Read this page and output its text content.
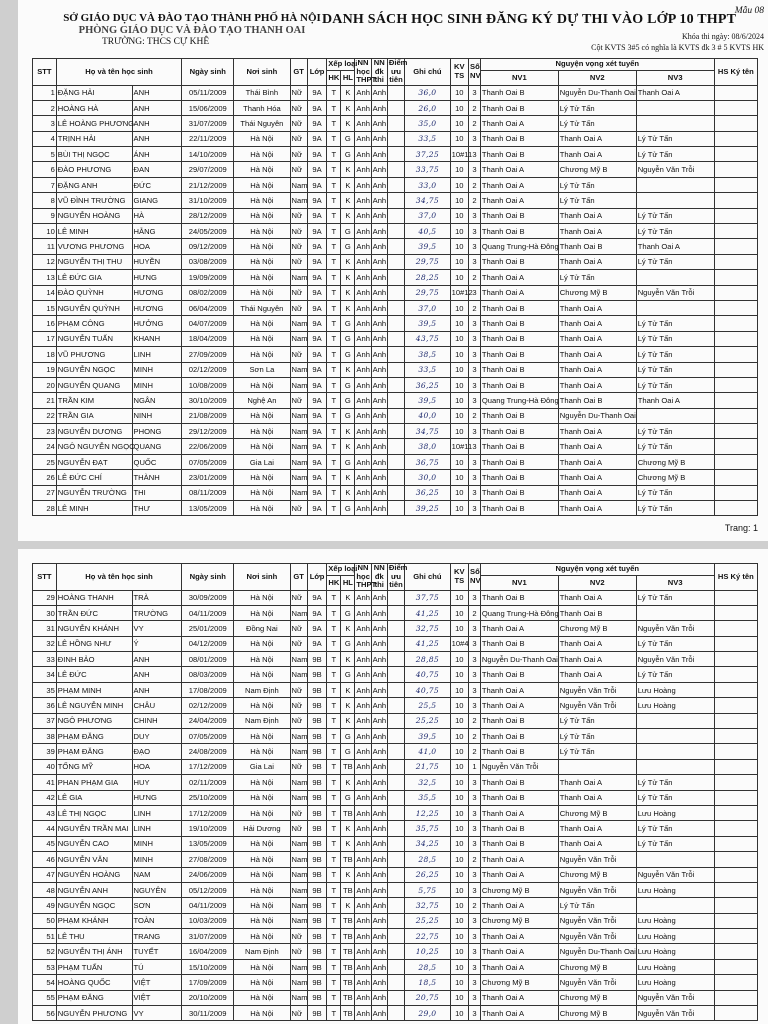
SỞ GIÁO DỤC VÀ ĐÀO TẠO THÀNH PHỐ HÀ NỘI
PHÒNG GIÁO DỤC VÀ ĐÀO TẠO THANH OAI
TRƯỜNG: THCS CỰ KHÊ
DANH SÁCH HỌC SINH ĐĂNG KÝ DỰ THI VÀO LỚP 10 THPT
Mẫu 08
Khóa thi ngày: 08/6/2024
Cột KVTS 3#5 có nghĩa là KVTS đk 3 # 5 KVTS HK
STT	Họ và tên học sinh		Ngày sinh	Nơi sinh	GT	Lớp	Xếp loại		NN học THPT	NN đk thi	Điểm ưu tiên	Ghi chú	KV TS	Số NV	Nguyện vọng xét tuyển			HS Ký tên
							HK	HL							NV1	NV2	NV3	
1	ĐẶNG HẢI	ANH	05/11/2009	Thái Bình	Nữ	9A	T	K	Anh	Anh		36,0	10	3	Thanh Oai B	Nguyễn Du-Thanh Oai	Thanh Oai A	
2	HOÀNG HÀ	ANH	15/06/2009	Thanh Hóa	Nữ	9A	T	K	Anh	Anh		26,0	10	2	Thanh Oai B	Lý Tử Tấn		
3	LÊ HOÀNG PHƯƠNG	ANH	31/07/2009	Thái Nguyên	Nữ	9A	T	K	Anh	Anh		35,0	10	2	Thanh Oai A	Lý Tử Tấn		
4	TRỊNH HẢI	ANH	22/11/2009	Hà Nội	Nữ	9A	T	G	Anh	Anh		33,5	10	3	Thanh Oai B	Thanh Oai A	Lý Tử Tấn	
5	BÙI THỊ NGỌC	ÁNH	14/10/2009	Hà Nội	Nữ	9A	T	G	Anh	Anh		37,25	10#11	3	Thanh Oai B	Thanh Oai A	Lý Tử Tấn	
6	ĐÀO PHƯƠNG	ĐAN	29/07/2009	Hà Nội	Nữ	9A	T	K	Anh	Anh		33,75	10	3	Thanh Oai A	Chương Mỹ B	Nguyễn Văn Trỗi	
7	ĐẶNG ANH	ĐỨC	21/12/2009	Hà Nội	Nam	9A	T	K	Anh	Anh		33,0	10	2	Thanh Oai A	Lý Tử Tấn		
8	VŨ ĐÌNH TRƯỜNG	GIANG	31/10/2009	Hà Nội	Nam	9A	T	K	Anh	Anh		34,75	10	2	Thanh Oai A	Lý Tử Tấn		
9	NGUYỄN HOÀNG	HÀ	28/12/2009	Hà Nội	Nữ	9A	T	K	Anh	Anh		37,0	10	3	Thanh Oai B	Thanh Oai A	Lý Tử Tấn	
10	LÊ MINH	HẰNG	24/05/2009	Hà Nội	Nữ	9A	T	G	Anh	Anh		40,5	10	3	Thanh Oai B	Thanh Oai A	Lý Tử Tấn	
11	VƯƠNG PHƯƠNG	HOA	09/12/2009	Hà Nội	Nữ	9A	T	G	Anh	Anh		39,5	10	3	Quang Trung-Hà Đông	Thanh Oai B	Thanh Oai A	
12	NGUYỄN THỊ THU	HUYỀN	03/08/2009	Hà Nội	Nữ	9A	T	K	Anh	Anh		29,75	10	3	Thanh Oai B	Thanh Oai A	Lý Tử Tấn	
13	LÊ ĐỨC GIA	HƯNG	19/09/2009	Hà Nội	Nam	9A	T	K	Anh	Anh		28,25	10	2	Thanh Oai A	Lý Tử Tấn		
14	ĐÀO QUỲNH	HƯƠNG	08/02/2009	Hà Nội	Nữ	9A	T	K	Anh	Anh		29,75	10#12	3	Thanh Oai A	Chương Mỹ B	Nguyễn Văn Trỗi	
15	NGUYỄN QUỲNH	HƯƠNG	06/04/2009	Thái Nguyên	Nữ	9A	T	K	Anh	Anh		37,0	10	2	Thanh Oai B	Thanh Oai A		
16	PHẠM CÔNG	HƯỞNG	04/07/2009	Hà Nội	Nam	9A	T	G	Anh	Anh		39,5	10	3	Thanh Oai B	Thanh Oai A	Lý Tử Tấn	
17	NGUYỄN TUẤN	KHANH	18/04/2009	Hà Nội	Nam	9A	T	G	Anh	Anh		43,75	10	3	Thanh Oai B	Thanh Oai A	Lý Tử Tấn	
18	VŨ PHƯƠNG	LINH	27/09/2009	Hà Nội	Nữ	9A	T	G	Anh	Anh		38,5	10	3	Thanh Oai B	Thanh Oai A	Lý Tử Tấn	
19	NGUYỄN NGỌC	MINH	02/12/2009	Sơn La	Nam	9A	T	K	Anh	Anh		33,5	10	3	Thanh Oai B	Thanh Oai A	Lý Tử Tấn	
20	NGUYỄN QUANG	MINH	10/08/2009	Hà Nội	Nam	9A	T	G	Anh	Anh		36,25	10	3	Thanh Oai B	Thanh Oai A	Lý Tử Tấn	
21	TRẦN KIM	NGÂN	30/10/2009	Nghệ An	Nữ	9A	T	G	Anh	Anh		39,5	10	3	Quang Trung-Hà Đông	Thanh Oai B	Thanh Oai A	
22	TRẦN GIA	NINH	21/08/2009	Hà Nội	Nam	9A	T	G	Anh	Anh		40,0	10	2	Thanh Oai B	Nguyễn Du-Thanh Oai		
23	NGUYỄN DƯƠNG	PHONG	29/12/2009	Hà Nội	Nam	9A	T	K	Anh	Anh		34,75	10	3	Thanh Oai B	Thanh Oai A	Lý Tử Tấn	
24	NGÔ NGUYỄN NGỌC	QUANG	22/06/2009	Hà Nội	Nam	9A	T	K	Anh	Anh		38,0	10#11	3	Thanh Oai B	Thanh Oai A	Lý Tử Tấn	
25	NGUYỄN ĐẠT	QUỐC	07/05/2009	Gia Lai	Nam	9A	T	G	Anh	Anh		36,75	10	3	Thanh Oai B	Thanh Oai A	Chương Mỹ B	
26	LÊ ĐỨC CHÍ	THÀNH	23/01/2009	Hà Nội	Nam	9A	T	K	Anh	Anh		30,0	10	3	Thanh Oai B	Thanh Oai A	Chương Mỹ B	
27	NGUYỄN TRƯỜNG	THI	08/11/2009	Hà Nội	Nam	9A	T	K	Anh	Anh		36,25	10	3	Thanh Oai B	Thanh Oai A	Lý Tử Tấn	
28	LÊ MINH	THƯ	13/05/2009	Hà Nội	Nữ	9A	T	G	Anh	Anh		39,25	10	3	Thanh Oai B	Thanh Oai A	Lý Tử Tấn	
Trang: 1
STT	Họ và tên học sinh		Ngày sinh	Nơi sinh	GT	Lớp	Xếp loại		NN học THPT	NN đk thi	Điểm ưu tiên	Ghi chú	KV TS	Số NV	Nguyện vọng xét tuyển			HS Ký tên
							HK	HL							NV1	NV2	NV3	
29	HOÀNG THANH	TRÀ	30/09/2009	Hà Nội	Nữ	9A	T	K	Anh	Anh		37,75	10	3	Thanh Oai B	Thanh Oai A	Lý Tử Tấn	
30	TRẦN ĐỨC	TRƯỜNG	04/11/2009	Hà Nội	Nam	9A	T	G	Anh	Anh		41,25	10	2	Quang Trung-Hà Đông	Thanh Oai B		
31	NGUYỄN KHÁNH	VY	25/01/2009	Đồng Nai	Nữ	9A	T	K	Anh	Anh		32,75	10	3	Thanh Oai A	Chương Mỹ B	Nguyễn Văn Trỗi	
32	LÊ HỒNG NHƯ	Ý	04/12/2009	Hà Nội	Nữ	9A	T	G	Anh	Anh		41,25	10#4	3	Thanh Oai B	Thanh Oai A	Lý Tử Tấn	
33	ĐINH BẢO	ANH	08/01/2009	Hà Nội	Nam	9B	T	K	Anh	Anh		28,85	10	3	Nguyễn Du-Thanh Oai	Thanh Oai A	Nguyễn Văn Trỗi	
34	LÊ ĐỨC	ANH	08/03/2009	Hà Nội	Nam	9B	T	G	Anh	Anh		40,75	10	3	Thanh Oai B	Thanh Oai A	Lý Tử Tấn	
35	PHẠM MINH	ANH	17/08/2009	Nam Định	Nữ	9B	T	K	Anh	Anh		40,75	10	3	Thanh Oai A	Nguyễn Văn Trỗi	Lưu Hoàng	
36	LÊ NGUYỄN MINH	CHÂU	02/12/2009	Hà Nội	Nữ	9B	T	K	Anh	Anh		25,5	10	3	Thanh Oai A	Nguyễn Văn Trỗi	Lưu Hoàng	
37	NGÔ PHƯƠNG	CHINH	24/04/2009	Nam Định	Nữ	9B	T	K	Anh	Anh		25,25	10	2	Thanh Oai B	Lý Tử Tấn		
38	PHẠM ĐĂNG	DUY	07/05/2009	Hà Nội	Nam	9B	T	G	Anh	Anh		39,5	10	2	Thanh Oai B	Lý Tử Tấn		
39	PHẠM ĐĂNG	ĐẠO	24/08/2009	Hà Nội	Nam	9B	T	G	Anh	Anh		41,0	10	2	Thanh Oai B	Lý Tử Tấn		
40	TỐNG MỸ	HOA	17/12/2009	Gia Lai	Nữ	9B	T	TB	Anh	Anh		21,75	10	1	Nguyễn Văn Trỗi			
41	PHAN PHẠM GIA	HUY	02/11/2009	Hà Nội	Nam	9B	T	K	Anh	Anh		32,5	10	3	Thanh Oai B	Thanh Oai A	Lý Tử Tấn	
42	LÊ GIA	HƯNG	25/10/2009	Hà Nội	Nam	9B	T	G	Anh	Anh		35,5	10	3	Thanh Oai B	Thanh Oai A	Lý Tử Tấn	
43	LÊ THỊ NGỌC	LINH	17/12/2009	Hà Nội	Nữ	9B	T	TB	Anh	Anh		12,25	10	3	Thanh Oai A	Chương Mỹ B	Lưu Hoàng	
44	NGUYỄN TRẦN MAI	LINH	19/10/2009	Hải Dương	Nữ	9B	T	K	Anh	Anh		35,75	10	3	Thanh Oai B	Thanh Oai A	Lý Tử Tấn	
45	NGUYỄN CAO	MINH	13/05/2009	Hà Nội	Nam	9B	T	K	Anh	Anh		34,25	10	3	Thanh Oai B	Thanh Oai A	Lý Tử Tấn	
46	NGUYỄN VĂN	MINH	27/08/2009	Hà Nội	Nam	9B	T	TB	Anh	Anh		28,5	10	2	Thanh Oai A	Nguyễn Văn Trỗi		
47	NGUYỄN HOÀNG	NAM	24/06/2009	Hà Nội	Nam	9B	T	K	Anh	Anh		26,25	10	3	Thanh Oai A	Chương Mỹ B	Nguyễn Văn Trỗi	
48	NGUYỄN ANH	NGUYÊN	05/12/2009	Hà Nội	Nam	9B	T	TB	Anh	Anh		5,75	10	3	Chương Mỹ B	Nguyễn Văn Trỗi	Lưu Hoàng	
49	NGUYỄN NGỌC	SƠN	04/11/2009	Hà Nội	Nam	9B	T	K	Anh	Anh		32,75	10	2	Thanh Oai A	Lý Tử Tấn		
50	PHẠM KHÁNH	TOÀN	10/03/2009	Hà Nội	Nam	9B	T	TB	Anh	Anh		25,25	10	3	Chương Mỹ B	Nguyễn Văn Trỗi	Lưu Hoàng	
51	LÊ THU	TRANG	31/07/2009	Hà Nội	Nữ	9B	T	TB	Anh	Anh		22,75	10	3	Thanh Oai A	Nguyễn Văn Trỗi	Lưu Hoàng	
52	NGUYỄN THỊ ÁNH	TUYẾT	16/04/2009	Nam Định	Nữ	9B	T	TB	Anh	Anh		10,25	10	3	Thanh Oai A	Nguyễn Du-Thanh Oai	Lưu Hoàng	
53	PHẠM TUẤN	TÚ	15/10/2009	Hà Nội	Nam	9B	T	TB	Anh	Anh		28,5	10	3	Thanh Oai A	Chương Mỹ B	Lưu Hoàng	
54	HOÀNG QUỐC	VIỆT	17/09/2009	Hà Nội	Nam	9B	T	TB	Anh	Anh		18,5	10	3	Chương Mỹ B	Nguyễn Văn Trỗi	Lưu Hoàng	
55	PHẠM ĐĂNG	VIỆT	20/10/2009	Hà Nội	Nam	9B	T	TB	Anh	Anh		20,75	10	3	Thanh Oai A	Chương Mỹ B	Nguyễn Văn Trỗi	
56	NGUYỄN PHƯƠNG	VY	30/11/2009	Hà Nội	Nữ	9B	T	TB	Anh	Anh		29,0	10	3	Thanh Oai A	Chương Mỹ B	Nguyễn Văn Trỗi	
